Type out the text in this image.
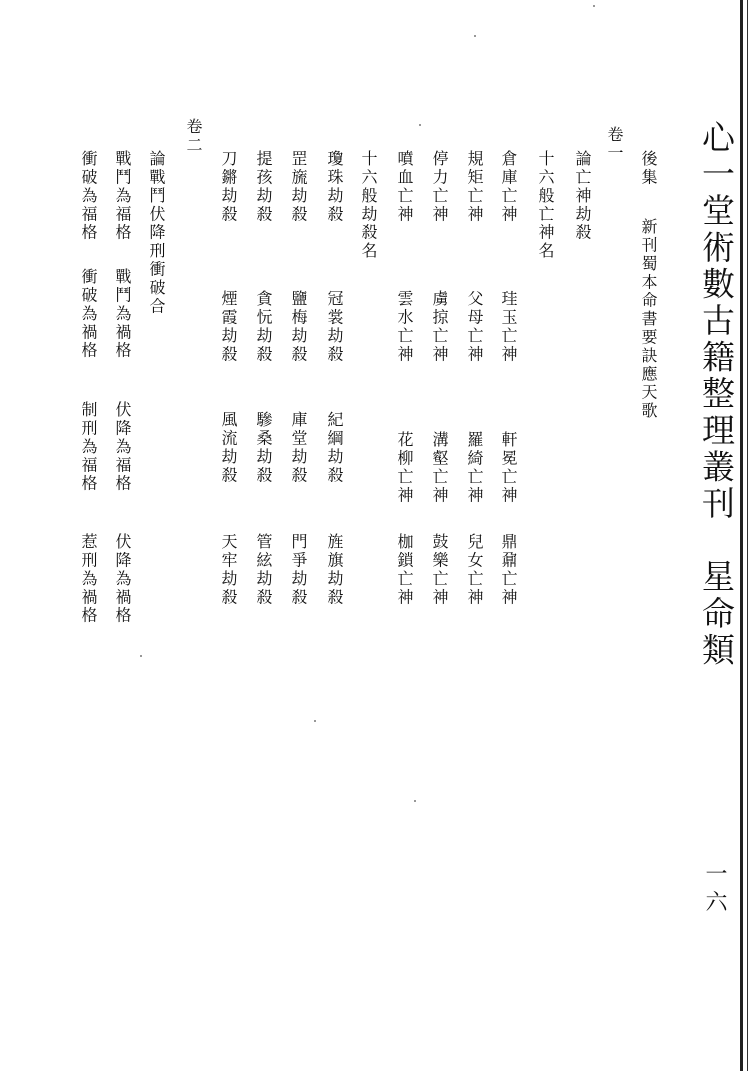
心一堂術數古籍整理叢刊　星命類
一六
卷一
後集
新刊蜀本命書要訣應天歌
論亡神劫殺
十六般亡神名
倉庫亡神
珪玉亡神
軒冕亡神
鼎鼐亡神
規矩亡神
父母亡神
羅綺亡神
兒女亡神
停力亡神
虜掠亡神
溝壑亡神
鼓樂亡神
噴血亡神
雲水亡神
花柳亡神
枷鎖亡神
十六般劫殺名
瓊珠劫殺
冠裳劫殺
紀綱劫殺
旌旗劫殺
罡旒劫殺
鹽梅劫殺
庫堂劫殺
門爭劫殺
提孩劫殺
貪忨劫殺
驂桑劫殺
管絃劫殺
刀鏘劫殺
煙霞劫殺
風流劫殺
天牢劫殺
卷二
論戰鬥伏降刑衝破合
戰鬥為福格
戰鬥為禍格
伏降為福格
伏降為禍格
衝破為福格
衝破為禍格
制刑為福格
惹刑為禍格
